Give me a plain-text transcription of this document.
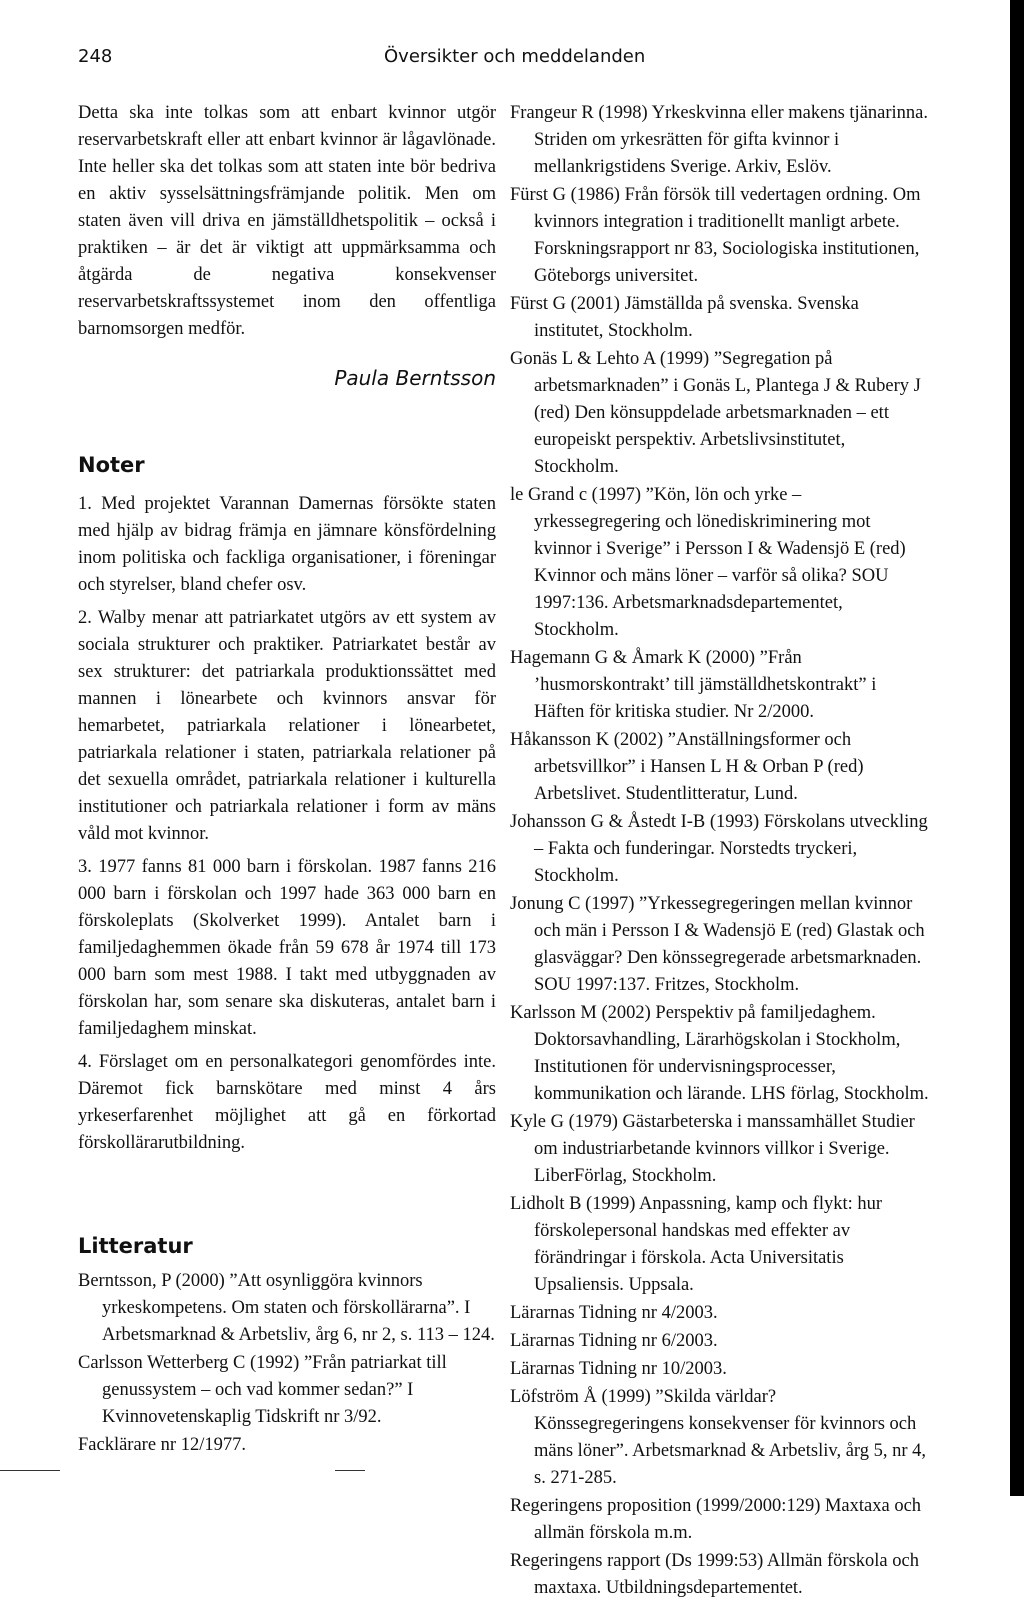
248	Översikter och meddelanden

Detta ska inte tolkas som att enbart kvinnor utgör reservarbetskraft eller att enbart kvinnor är lågavlönade. Inte heller ska det tolkas som att staten inte bör bedriva en aktiv sysselsättningsfrämjande politik. Men om staten även vill driva en jämställdhetspolitik – också i praktiken – är det är viktigt att uppmärksamma och åtgärda de negativa konsekvenser reservarbetskraftssystemet inom den offentliga barnomsorgen medför.

Paula Berntsson
Noter

1. Med projektet Varannan Damernas försökte staten med hjälp av bidrag främja en jämnare könsfördelning inom politiska och fackliga organisationer, i föreningar och styrelser, bland chefer osv.

2. Walby menar att patriarkatet utgörs av ett system av sociala strukturer och praktiker. Patriarkatet består av sex strukturer: det patriarkala produktionssättet med mannen i lönearbete och kvinnors ansvar för hemarbetet, patriarkala relationer i lönearbetet, patriarkala relationer i staten, patriarkala relationer på det sexuella området, patriarkala relationer i kulturella institutioner och patriarkala relationer i form av mäns våld mot kvinnor.

3. 1977 fanns 81 000 barn i förskolan. 1987 fanns 216 000 barn i förskolan och 1997 hade 363 000 barn en förskoleplats (Skolverket 1999). Antalet barn i familjedaghemmen ökade från 59 678 år 1974 till 173 000 barn som mest 1988. I takt med utbyggnaden av förskolan har, som senare ska diskuteras, antalet barn i familjedaghem minskat.

4. Förslaget om en personalkategori genomfördes inte. Däremot fick barnskötare med minst 4 års yrkeserfarenhet möjlighet att gå en förkortad förskollärarutbildning.

Litteratur

Berntsson, P (2000) ”Att osynliggöra kvinnors yrkeskompetens. Om staten och förskollärarna”. I Arbetsmarknad & Arbetsliv, årg 6, nr 2, s. 113 – 124.

Carlsson Wetterberg C (1992) ”Från patriarkat till genussystem – och vad kommer sedan?” I Kvinnovetenskaplig Tidskrift nr 3/92.

Facklärare nr 12/1977.

Frangeur R (1998) Yrkeskvinna eller makens tjänarinna. Striden om yrkesrätten för gifta kvinnor i mellankrigstidens Sverige. Arkiv, Eslöv.

Fürst G (1986) Från försök till vedertagen ordning. Om kvinnors integration i traditionellt manligt arbete. Forskningsrapport nr 83, Sociologiska institutionen, Göteborgs universitet.

Fürst G (2001) Jämställda på svenska. Svenska institutet, Stockholm.

Gonäs L & Lehto A (1999) ”Segregation på arbetsmarknaden” i Gonäs L, Plantega J & Rubery J (red) Den könsuppdelade arbetsmarknaden – ett europeiskt perspektiv. Arbetslivsinstitutet, Stockholm.

le Grand c (1997) ”Kön, lön och yrke – yrkessegregering och lönediskriminering mot kvinnor i Sverige” i Persson I & Wadensjö E (red) Kvinnor och mäns löner – varför så olika? SOU 1997:136. Arbetsmarknadsdepartementet, Stockholm.

Hagemann G & Åmark K (2000) ”Från ’husmorskontrakt’ till jämställdhetskontrakt” i Häften för kritiska studier. Nr 2/2000.

Håkansson K (2002) ”Anställningsformer och arbetsvillkor” i Hansen L H & Orban P (red) Arbetslivet. Studentlitteratur, Lund.

Johansson G & Åstedt I-B (1993) Förskolans utveckling – Fakta och funderingar. Norstedts tryckeri, Stockholm.

Jonung C (1997) ”Yrkessegregeringen mellan kvinnor och män i Persson I & Wadensjö E (red) Glastak och glasväggar? Den könssegregerade arbetsmarknaden. SOU 1997:137. Fritzes, Stockholm.

Karlsson M (2002) Perspektiv på familjedaghem. Doktorsavhandling, Lärarhögskolan i Stockholm, Institutionen för undervisningsprocesser, kommunikation och lärande. LHS förlag, Stockholm.

Kyle G (1979) Gästarbeterska i manssamhället Studier om industriarbetande kvinnors villkor i Sverige. LiberFörlag, Stockholm.

Lidholt B (1999) Anpassning, kamp och flykt: hur förskolepersonal handskas med effekter av förändringar i förskola. Acta Universitatis Upsaliensis. Uppsala.

Lärarnas Tidning nr 4/2003.

Lärarnas Tidning nr 6/2003.

Lärarnas Tidning nr 10/2003.

Löfström Å (1999) ”Skilda världar? Könssegregeringens konsekvenser för kvinnors och mäns löner”. Arbetsmarknad & Arbetsliv, årg 5, nr 4, s. 271-285.

Regeringens proposition (1999/2000:129) Maxtaxa och allmän förskola m.m.

Regeringens rapport (Ds 1999:53) Allmän förskola och maxtaxa. Utbildningsdepartementet.
